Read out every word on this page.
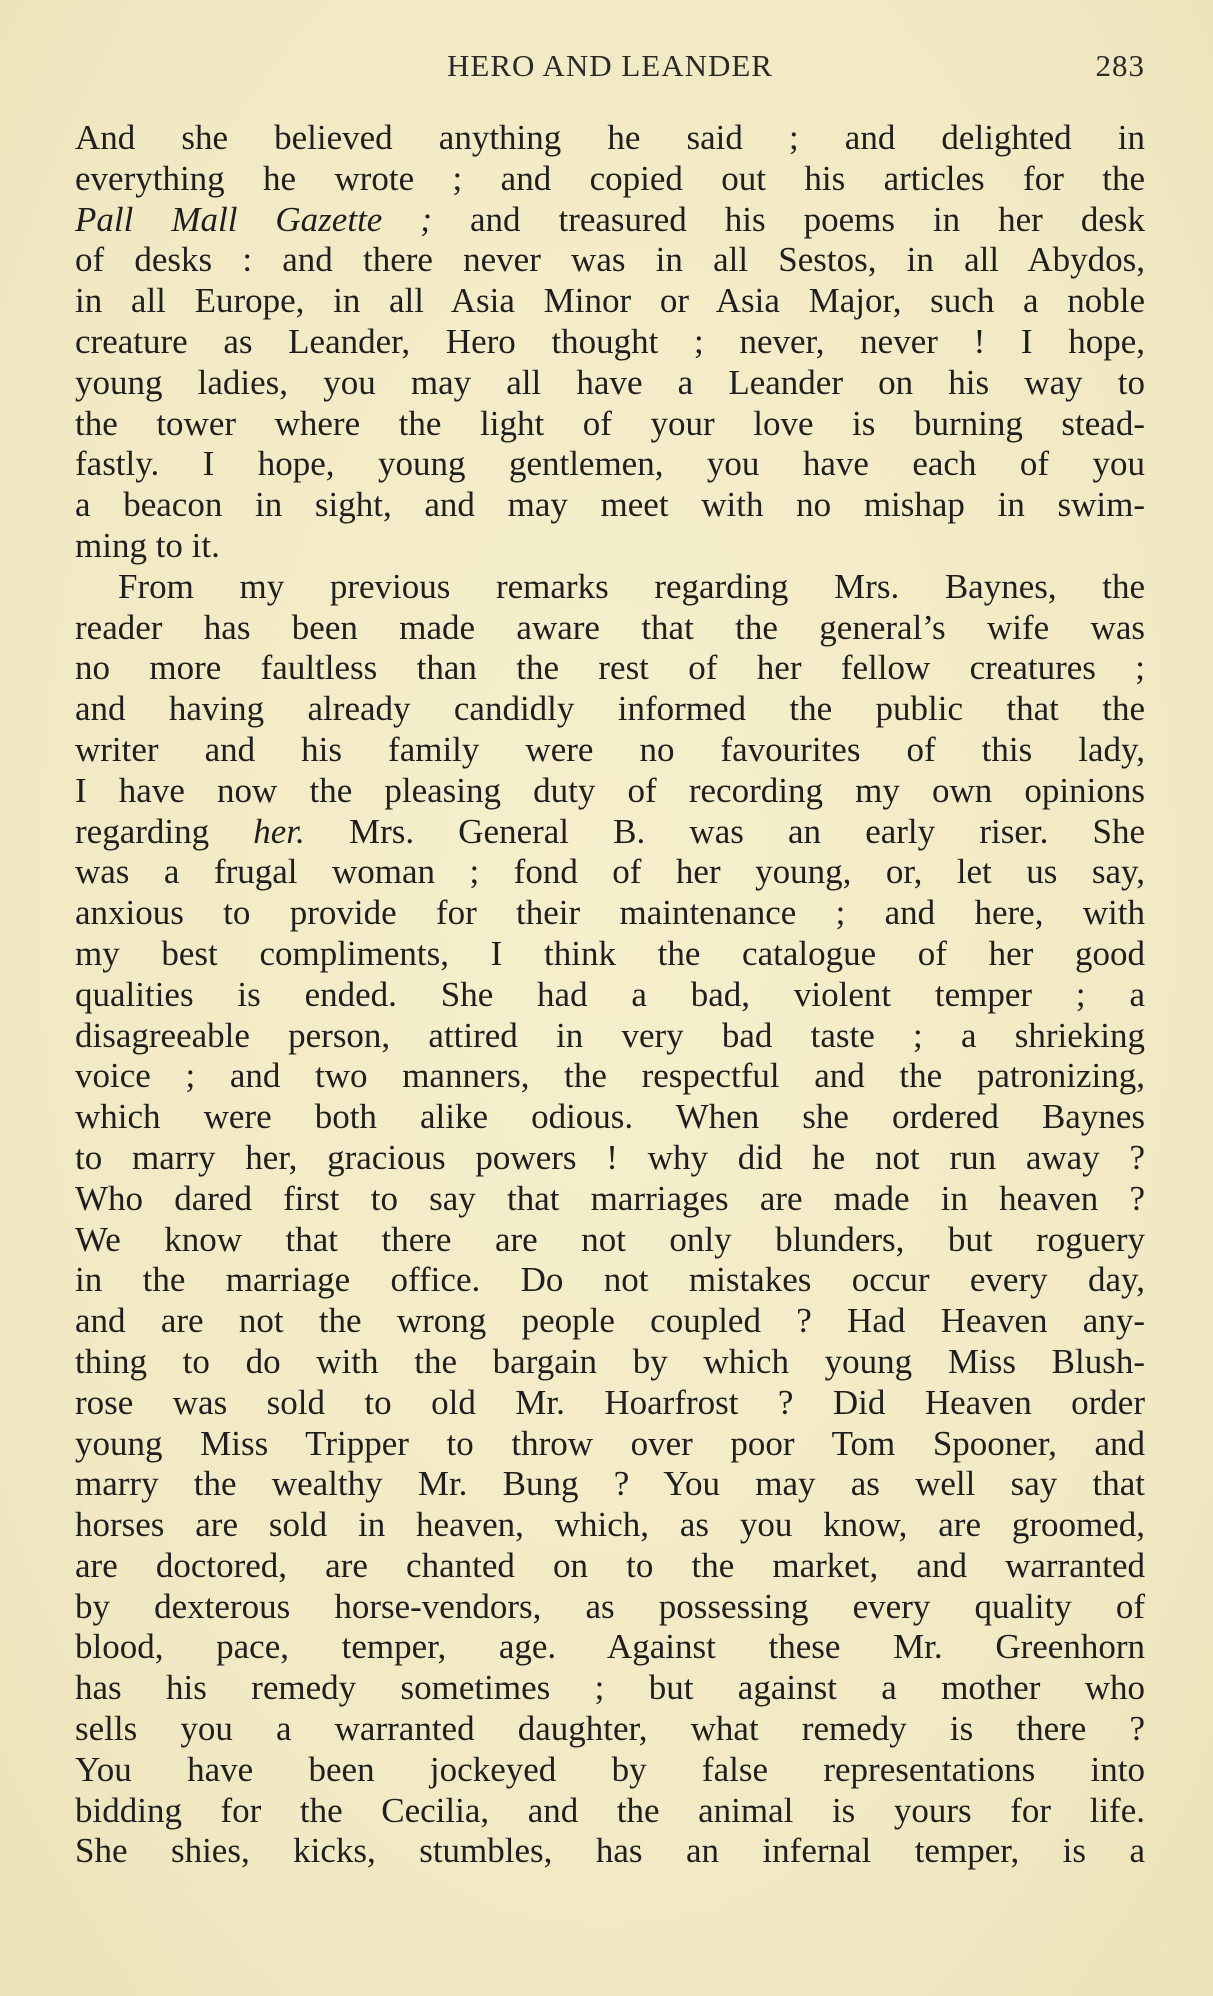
HERO AND LEANDER	283
And she believed anything he said ; and delighted in
everything he wrote ; and copied out his articles for the
Pall Mall Gazette ; and treasured his poems in her desk
of desks : and there never was in all Sestos, in all Abydos,
in all Europe, in all Asia Minor or Asia Major, such a noble
creature as Leander, Hero thought ; never, never ! I hope,
young ladies, you may all have a Leander on his way to
the tower where the light of your love is burning stead-
fastly. I hope, young gentlemen, you have each of you
a beacon in sight, and may meet with no mishap in swim-
ming to it.
From my previous remarks regarding Mrs. Baynes, the
reader has been made aware that the general’s wife was
no more faultless than the rest of her fellow creatures ;
and having already candidly informed the public that the
writer and his family were no favourites of this lady,
I have now the pleasing duty of recording my own opinions
regarding her. Mrs. General B. was an early riser. She
was a frugal woman ; fond of her young, or, let us say,
anxious to provide for their maintenance ; and here, with
my best compliments, I think the catalogue of her good
qualities is ended. She had a bad, violent temper ; a
disagreeable person, attired in very bad taste ; a shrieking
voice ; and two manners, the respectful and the patronizing,
which were both alike odious. When she ordered Baynes
to marry her, gracious powers ! why did he not run away ?
Who dared first to say that marriages are made in heaven ?
We know that there are not only blunders, but roguery
in the marriage office. Do not mistakes occur every day,
and are not the wrong people coupled ? Had Heaven any-
thing to do with the bargain by which young Miss Blush-
rose was sold to old Mr. Hoarfrost ? Did Heaven order
young Miss Tripper to throw over poor Tom Spooner, and
marry the wealthy Mr. Bung ? You may as well say that
horses are sold in heaven, which, as you know, are groomed,
are doctored, are chanted on to the market, and warranted
by dexterous horse-vendors, as possessing every quality of
blood, pace, temper, age. Against these Mr. Greenhorn
has his remedy sometimes ; but against a mother who
sells you a warranted daughter, what remedy is there ?
You have been jockeyed by false representations into
bidding for the Cecilia, and the animal is yours for life.
She shies, kicks, stumbles, has an infernal temper, is a
